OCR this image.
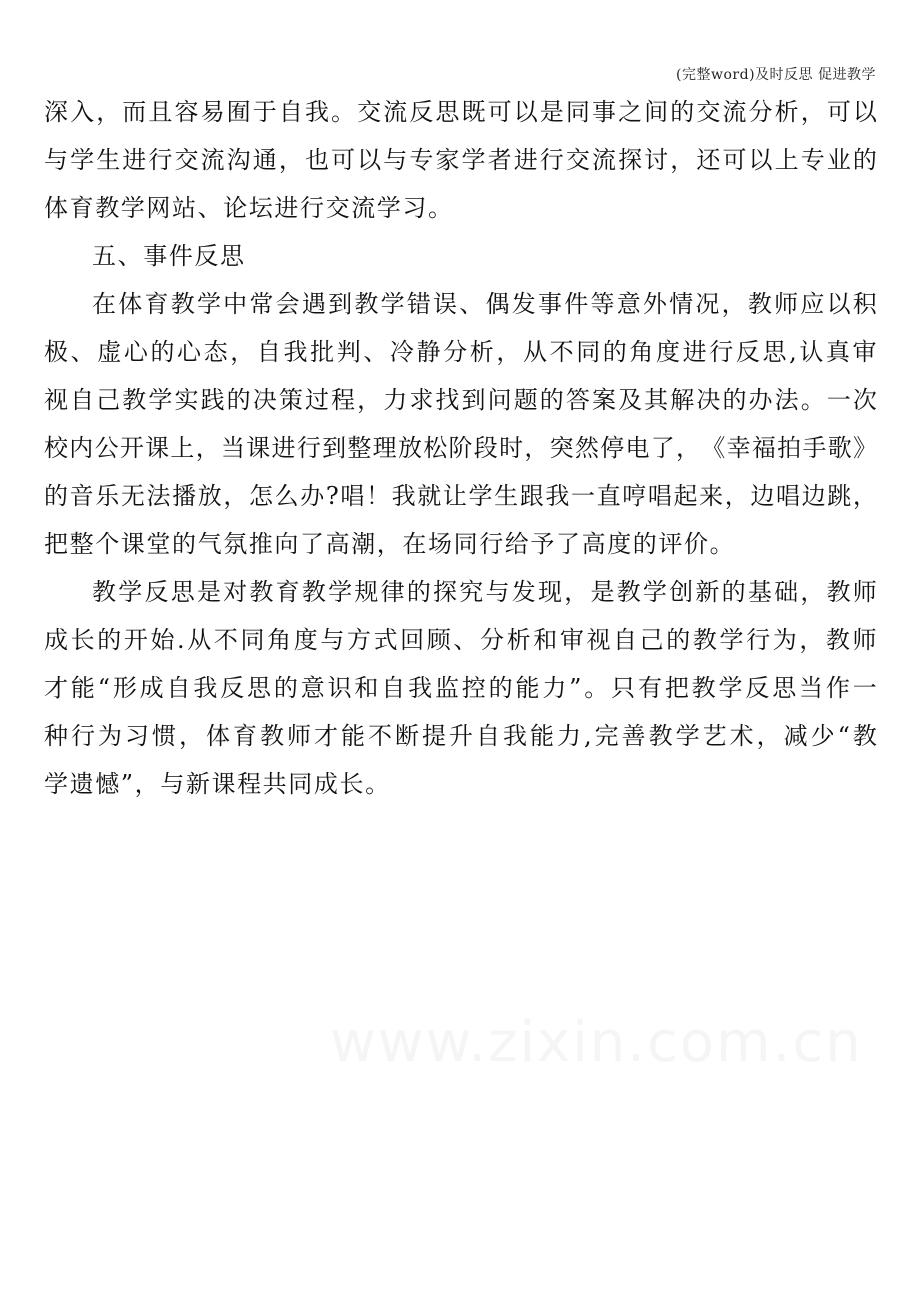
(完整word)及时反思 促进教学
www.zixin.com.cn
深 入 ， 而 且 容 易 囿 于 自 我 。 交 流 反 思 既 可 以 是 同 事 之 间 的 交 流 分 析 ， 可 以
与 学 生 进 行 交 流 沟 通 ， 也 可 以 与 专 家 学 者 进 行 交 流 探 讨 ， 还 可 以 上 专 业 的
体育教学网站、论坛进行交流学习。
五、事件反思
在 体 育 教 学 中 常 会 遇 到 教 学 错 误 、 偶 发 事 件 等 意 外 情 况 ， 教 师 应 以 积
极 、 虚 心 的 心 态 ， 自 我 批 判 、 冷 静 分 析 ， 从 不 同 的 角 度 进 行 反 思 , 认 真 审
视 自 己 教 学 实 践 的 决 策 过 程 ， 力 求 找 到 问 题 的 答 案 及 其 解 决 的 办 法 。 一 次
校 内 公 开 课 上 ， 当 课 进 行 到 整 理 放 松 阶 段 时 ， 突 然 停 电 了 ， 《 幸 福 拍 手 歌 》
的 音 乐 无 法 播 放 ， 怎 么 办 ? 唱 ！ 我 就 让 学 生 跟 我 一 直 哼 唱 起 来 ， 边 唱 边 跳 ，
把整个课堂的气氛推向了高潮，在场同行给予了高度的评价。
教 学 反 思 是 对 教 育 教 学 规 律 的 探 究 与 发 现 ， 是 教 学 创 新 的 基 础 ， 教 师
成 长 的 开 始 . 从 不 同 角 度 与 方 式 回 顾 、 分 析 和 审 视 自 己 的 教 学 行 为 ， 教 师
才 能 “ 形 成 自 我 反 思 的 意 识 和 自 我 监 控 的 能 力 ” 。 只 有 把 教 学 反 思 当 作 一
种 行 为 习 惯 ， 体 育 教 师 才 能 不 断 提 升 自 我 能 力 , 完 善 教 学 艺 术 ， 减 少 “ 教
学遗憾”，与新课程共同成长。
